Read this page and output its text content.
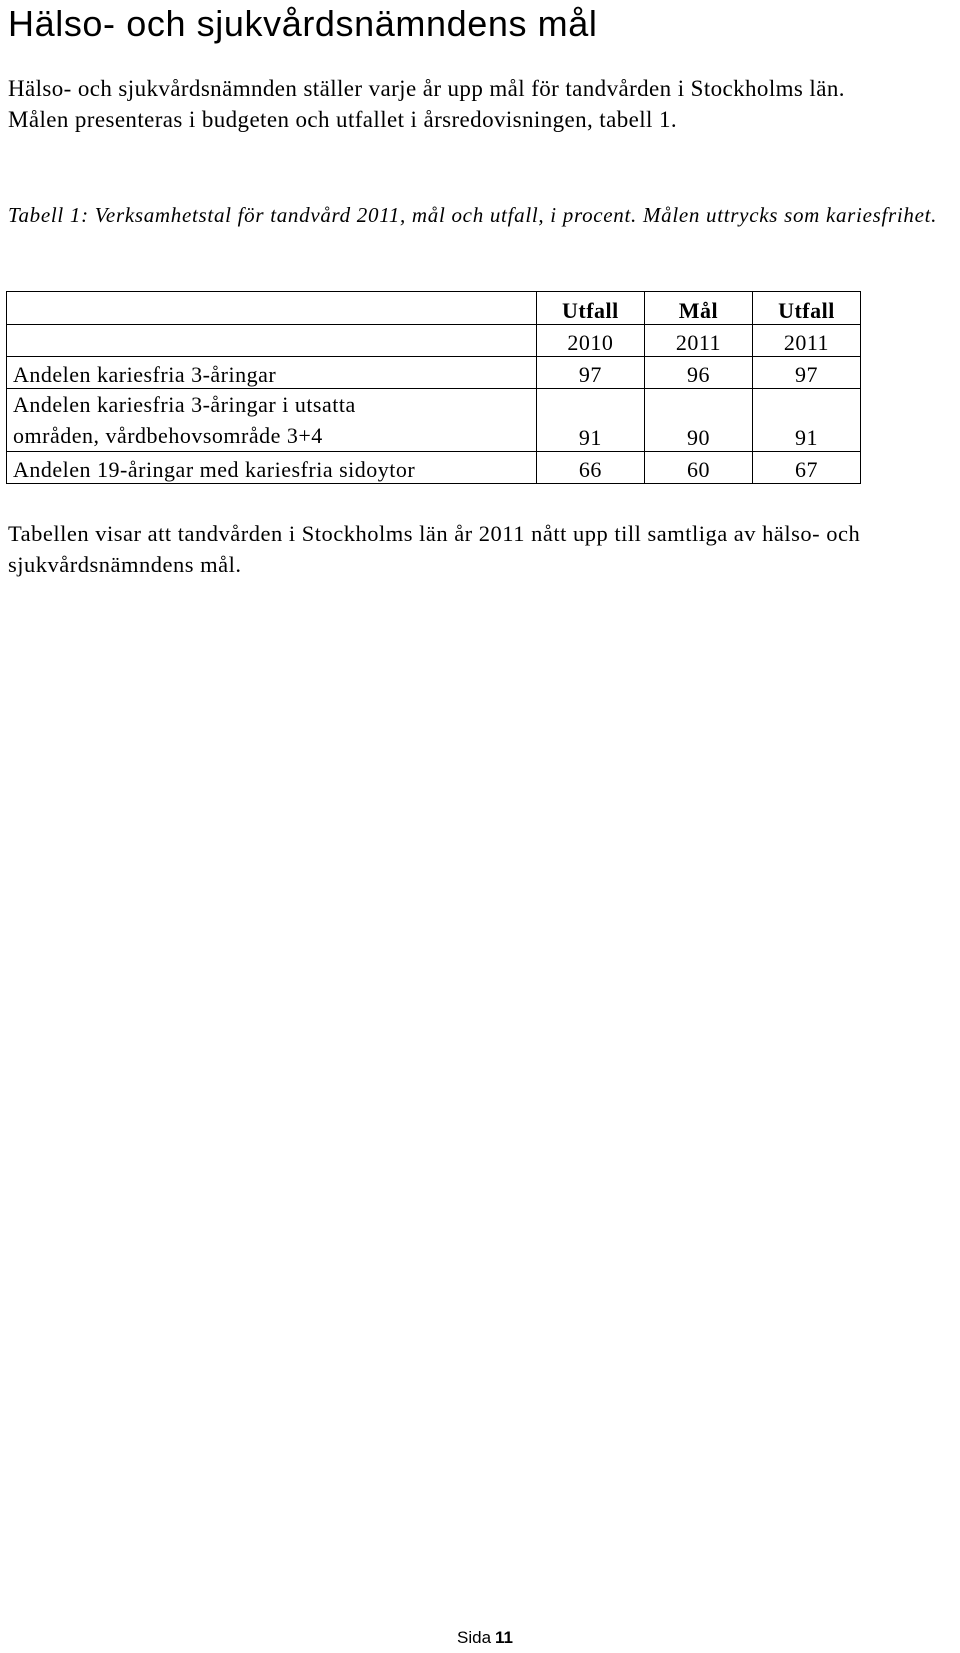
Hälso- och sjukvårdsnämndens mål

Hälso- och sjukvårdsnämnden ställer varje år upp mål för tandvården i Stockholms län. Målen presenteras i budgeten och utfallet i årsredovisningen, tabell 1.

Tabell 1: Verksamhetstal för tandvård 2011, mål och utfall, i procent. Målen uttrycks som kariesfrihet.

	Utfall	Mål	Utfall
	2010	2011	2011
Andelen kariesfria 3-åringar	97	96	97

Andelen kariesfria 3-åringar i utsatta
områden, vårdbehovsområde 3+4	91	90	91
Andelen 19-åringar med kariesfria sidoytor	66	60	67

Tabellen visar att tandvården i Stockholms län år 2011 nått upp till samtliga av hälso- och sjukvårdsnämndens mål.

Sida 11
